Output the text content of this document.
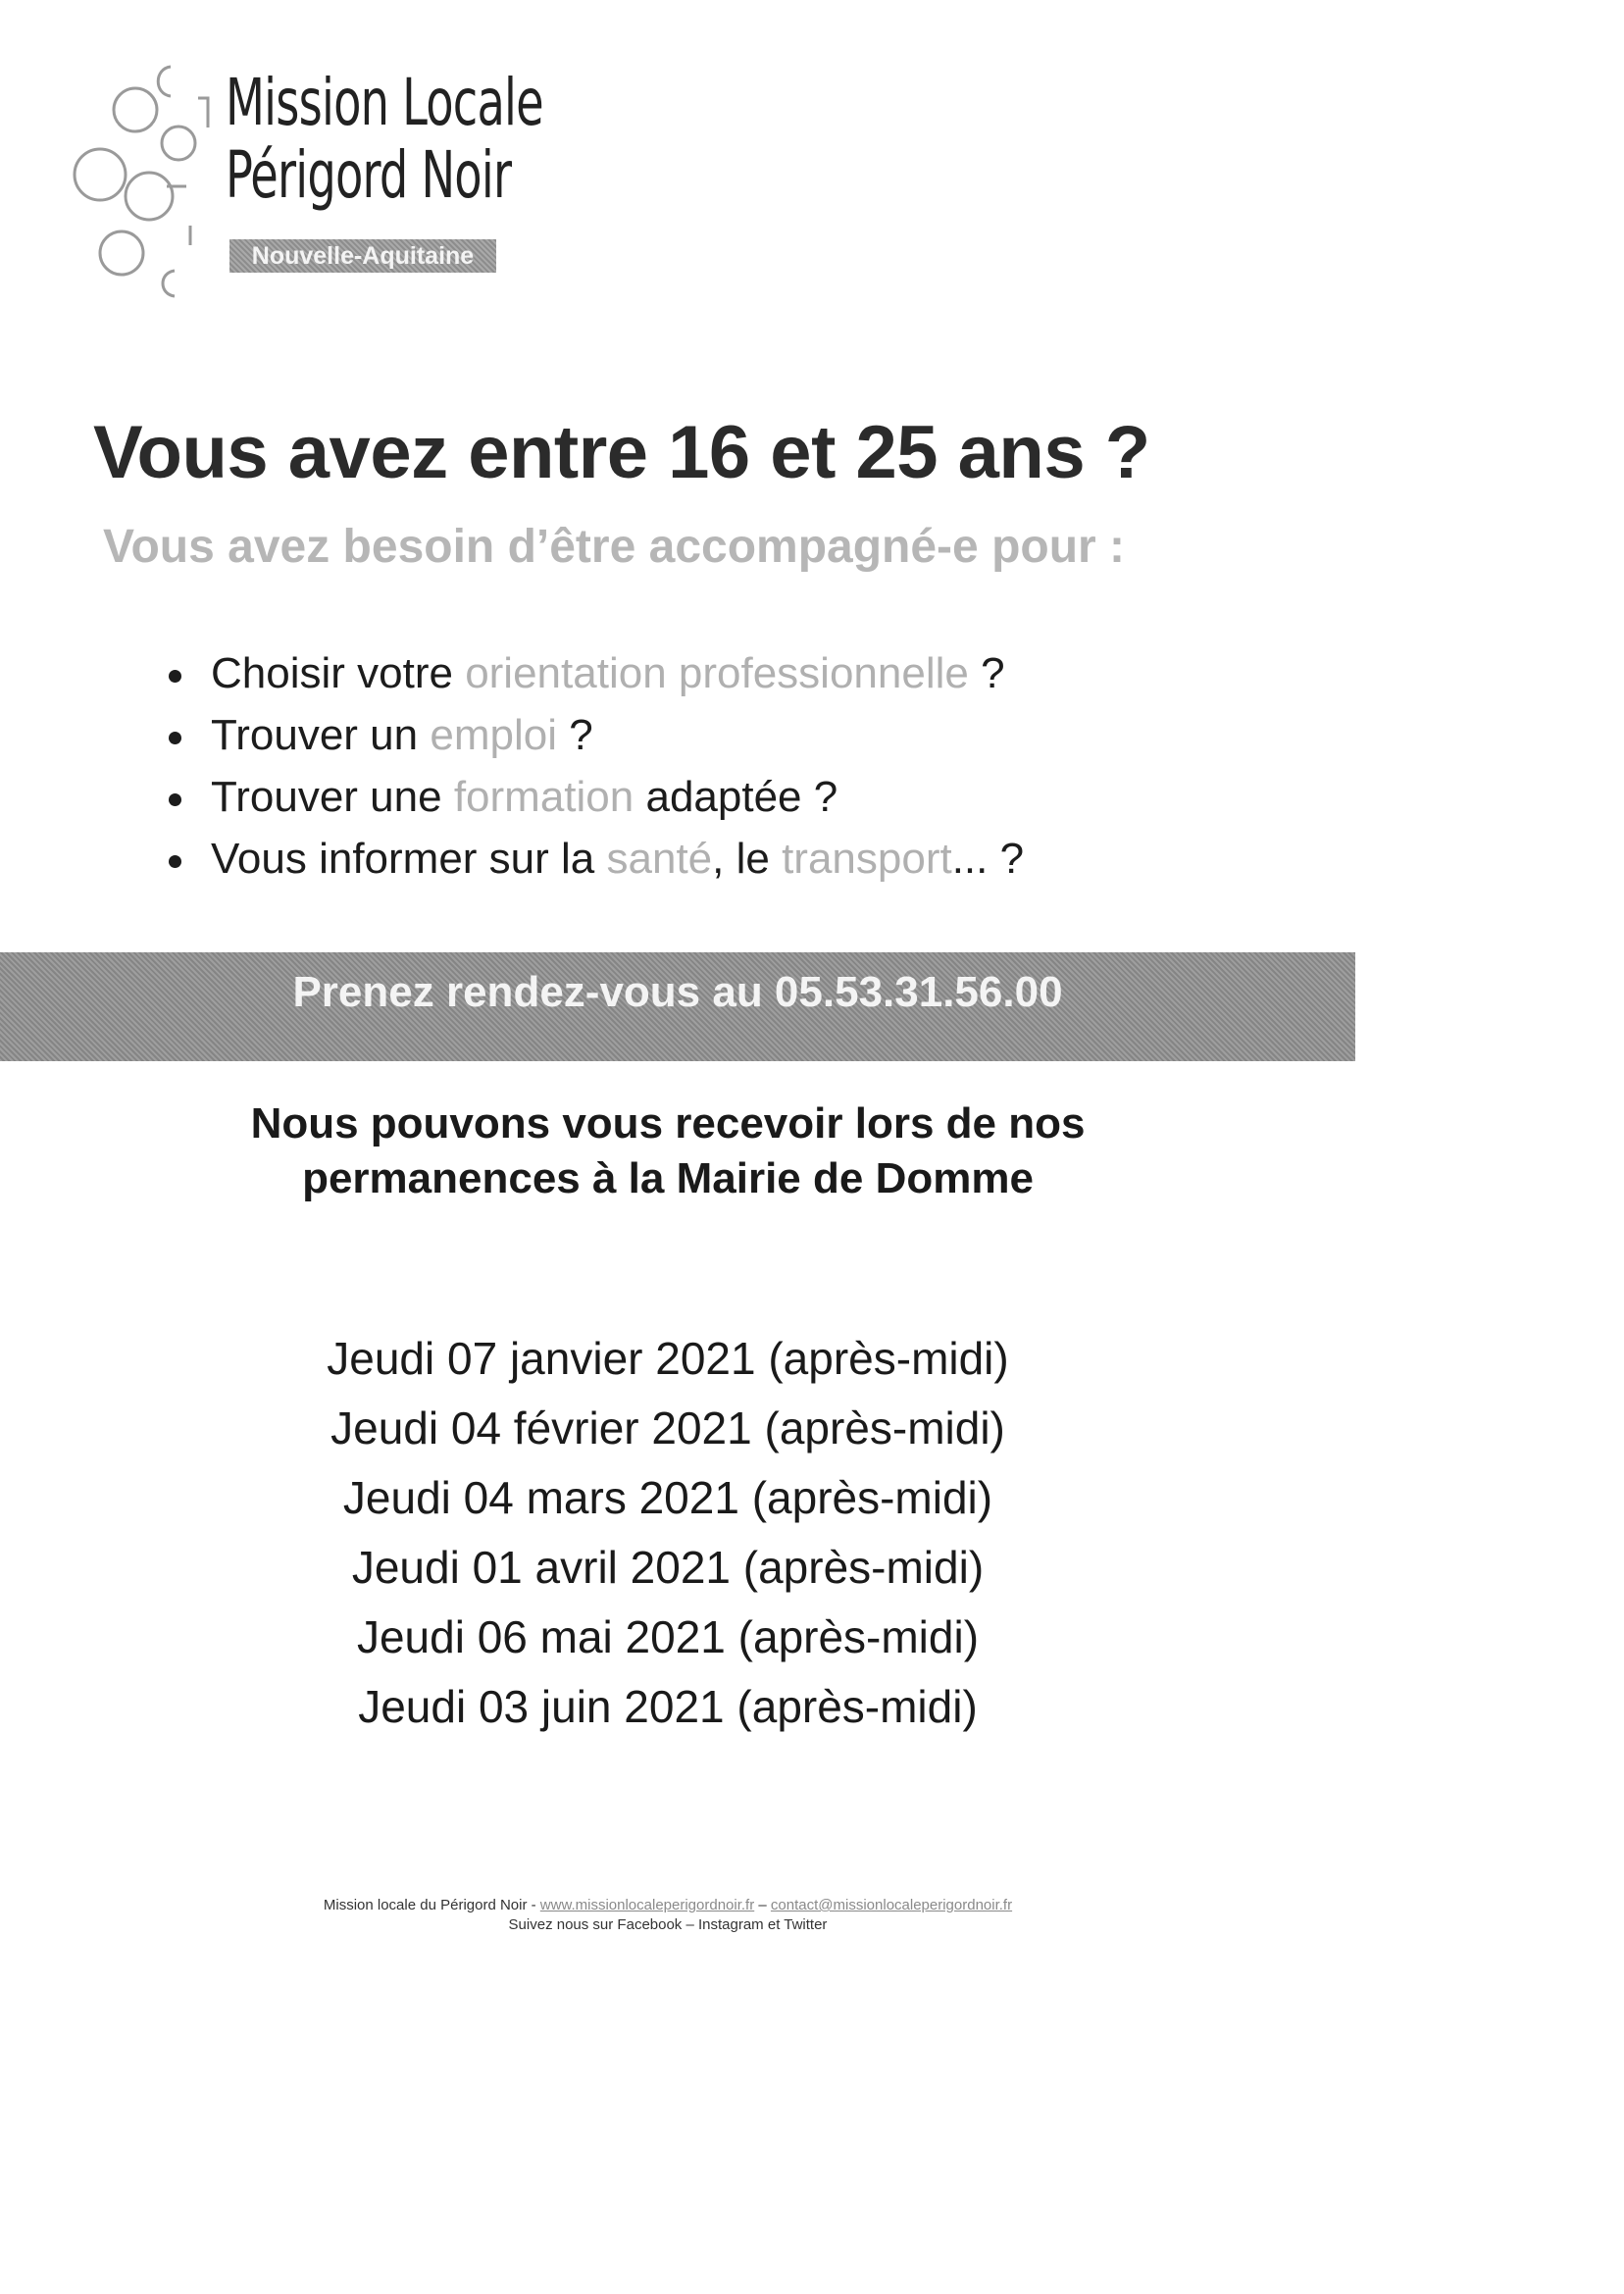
Mission Locale
Périgord Noir
Nouvelle-Aquitaine
Vous avez entre 16 et 25 ans ?
Vous avez besoin d’être accompagné-e pour :
Choisir votre orientation professionnelle ?
Trouver un emploi ?
Trouver une formation adaptée ?
Vous informer sur la santé, le transport... ?
Prenez rendez-vous au 05.53.31.56.00
Nous pouvons vous recevoir lors de nos
permanences à la Mairie de Domme
Jeudi 07 janvier 2021 (après-midi)
Jeudi 04 février 2021 (après-midi)
Jeudi 04 mars 2021 (après-midi)
Jeudi 01 avril 2021 (après-midi)
Jeudi 06 mai 2021 (après-midi)
Jeudi 03 juin 2021 (après-midi)
Mission locale du Périgord Noir - www.missionlocaleperigordnoir.fr – contact@missionlocaleperigordnoir.fr
Suivez nous sur Facebook – Instagram et Twitter
